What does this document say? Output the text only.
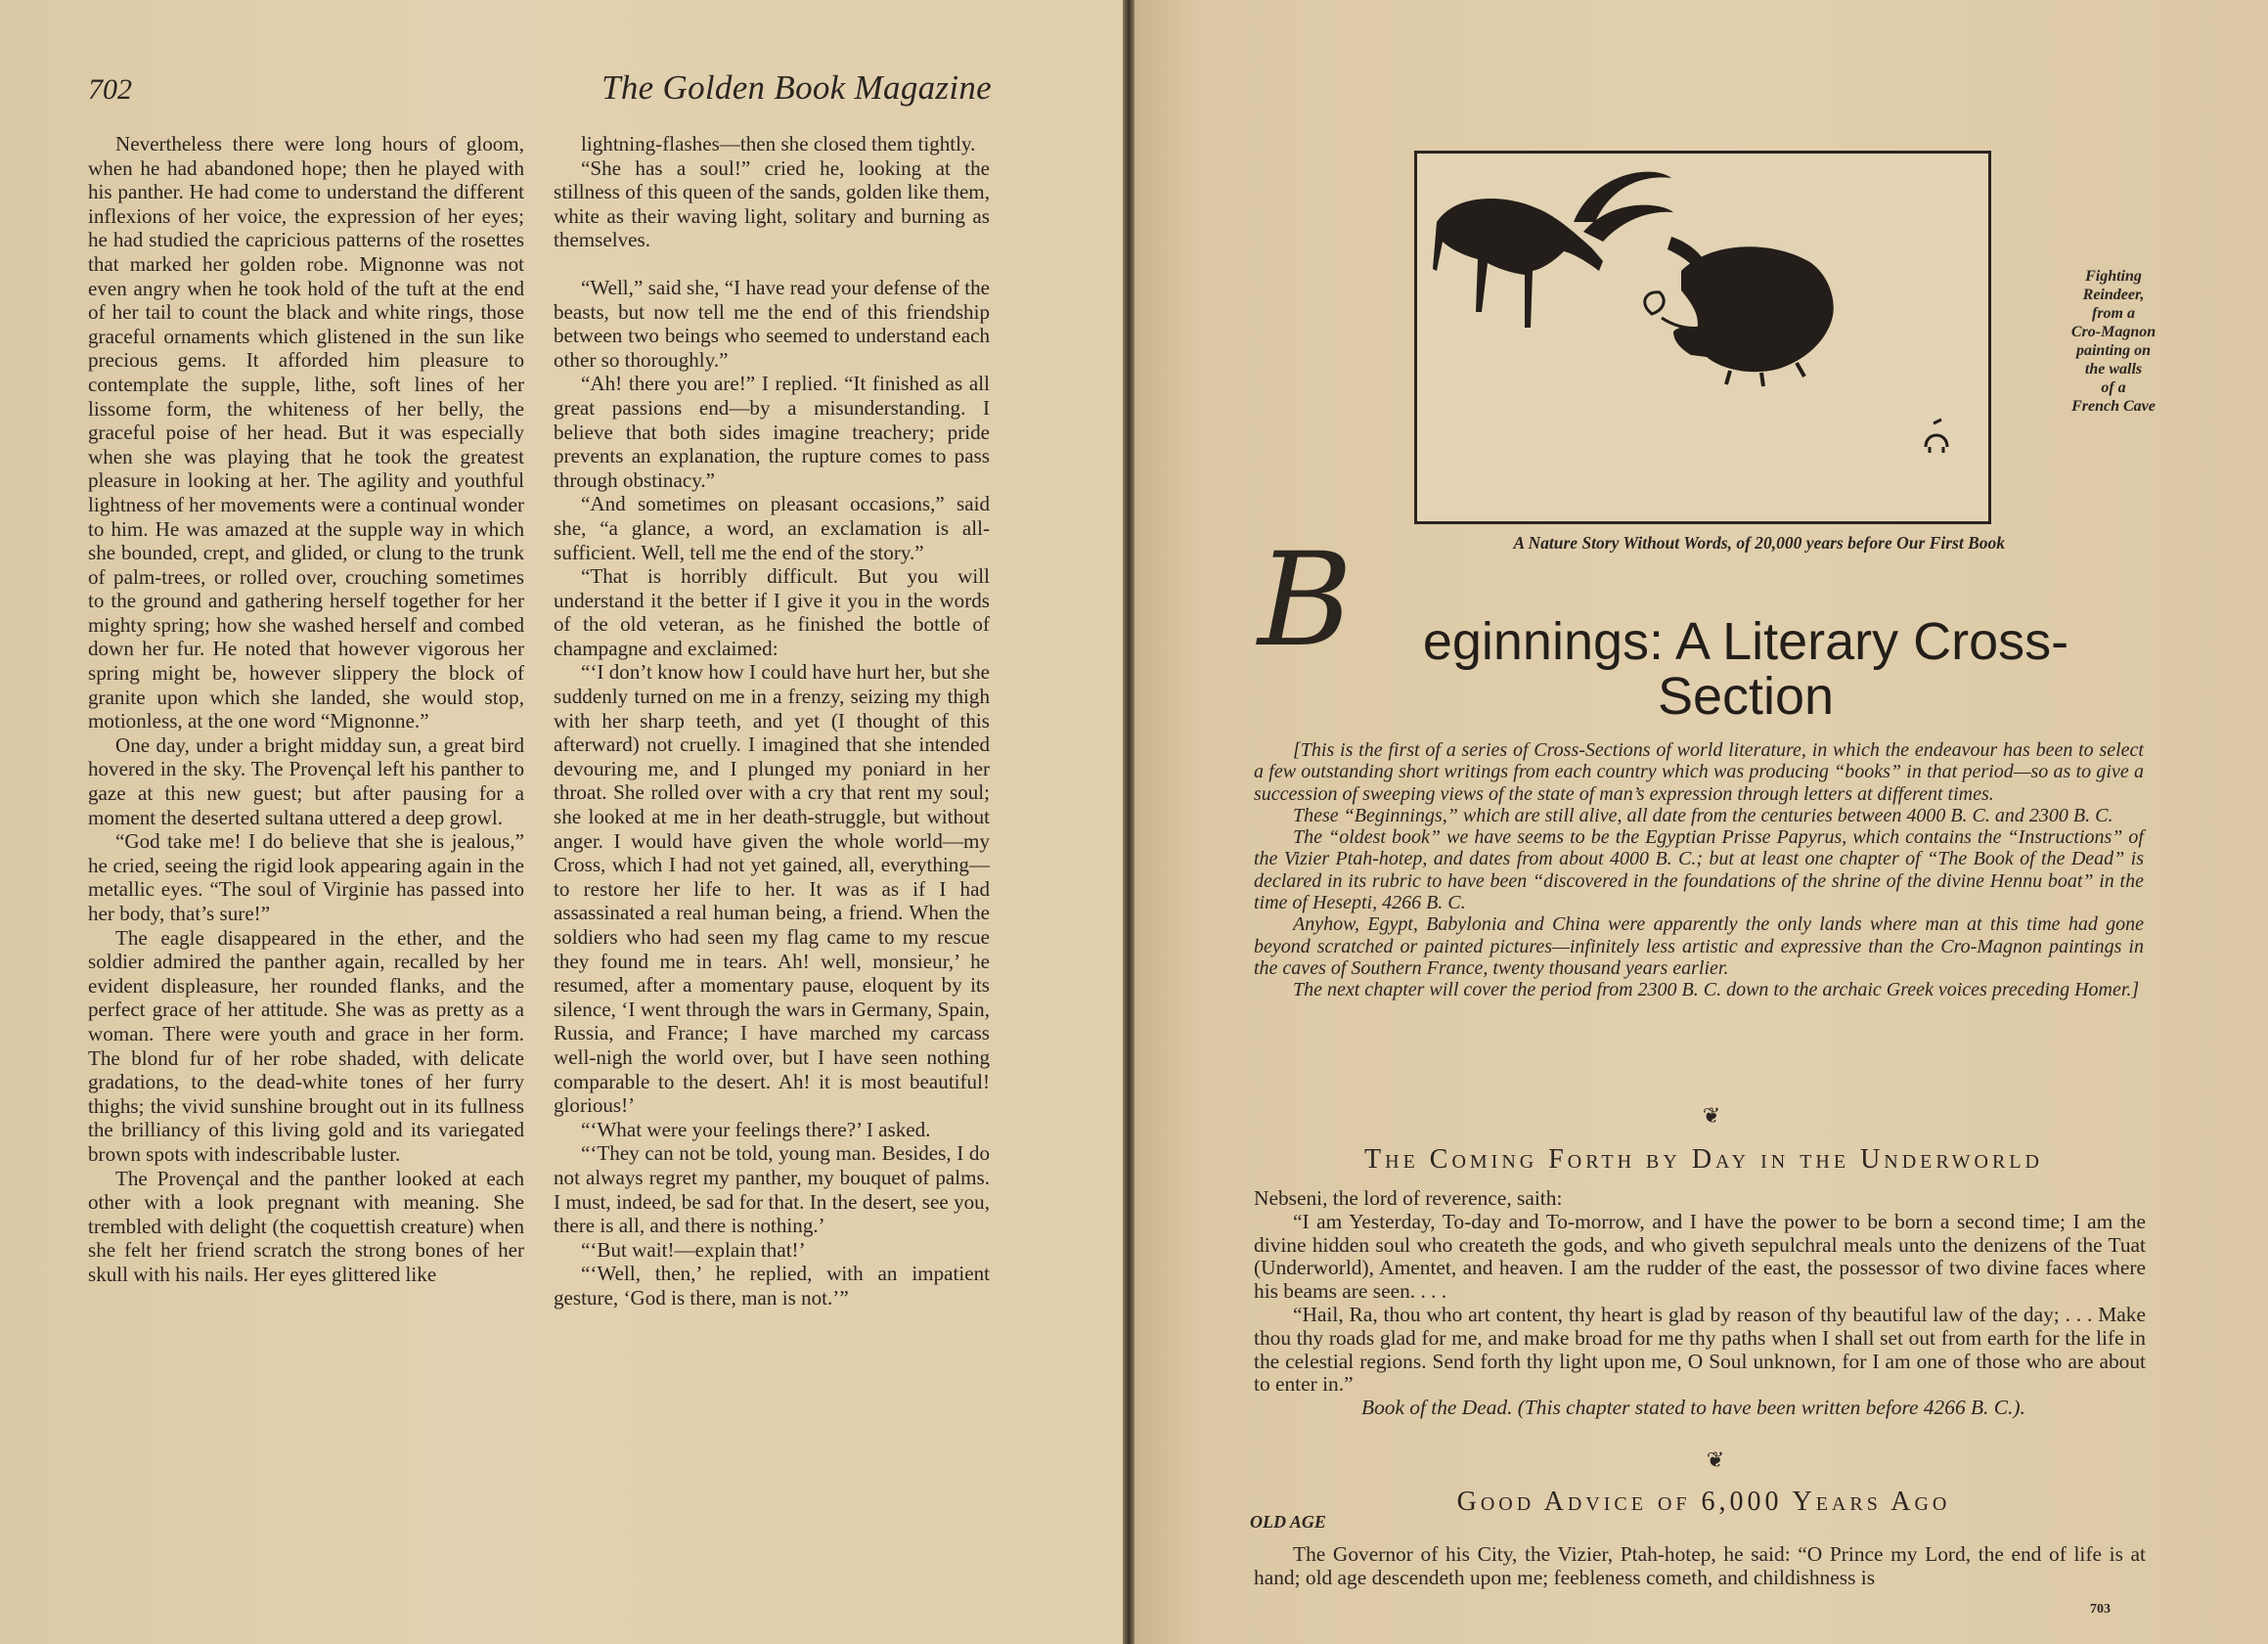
702	The Golden Book Magazine

Nevertheless there were long hours of gloom, when he had abandoned hope; then he played with his panther. He had come to understand the different inflexions of her voice, the expression of her eyes; he had studied the capricious patterns of the rosettes that marked her golden robe. Mignonne was not even angry when he took hold of the tuft at the end of her tail to count the black and white rings, those graceful ornaments which glistened in the sun like precious gems. It afforded him pleasure to contemplate the supple, lithe, soft lines of her lissome form, the whiteness of her belly, the graceful poise of her head. But it was especially when she was playing that he took the greatest pleasure in looking at her. The agility and youthful lightness of her movements were a continual wonder to him. He was amazed at the supple way in which she bounded, crept, and glided, or clung to the trunk of palm-trees, or rolled over, crouching sometimes to the ground and gathering herself together for her mighty spring; how she washed herself and combed down her fur. He noted that however vigorous her spring might be, however slippery the block of granite upon which she landed, she would stop, motionless, at the one word “Mignonne.”

One day, under a bright midday sun, a great bird hovered in the sky. The Provençal left his panther to gaze at this new guest; but after pausing for a moment the deserted sultana uttered a deep growl.

“God take me! I do believe that she is jealous,” he cried, seeing the rigid look appearing again in the metallic eyes. “The soul of Virginie has passed into her body, that’s sure!”

The eagle disappeared in the ether, and the soldier admired the panther again, recalled by her evident displeasure, her rounded flanks, and the perfect grace of her attitude. She was as pretty as a woman. There were youth and grace in her form. The blond fur of her robe shaded, with delicate gradations, to the dead-white tones of her furry thighs; the vivid sunshine brought out in its fullness the brilliancy of this living gold and its variegated brown spots with indescribable luster.

The Provençal and the panther looked at each other with a look pregnant with meaning. She trembled with delight (the coquettish creature) when she felt her friend scratch the strong bones of her skull with his nails. Her eyes glittered like

lightning-flashes—then she closed them tightly.

“She has a soul!” cried he, looking at the stillness of this queen of the sands, golden like them, white as their waving light, solitary and burning as themselves.

“Well,” said she, “I have read your defense of the beasts, but now tell me the end of this friendship between two beings who seemed to understand each other so thoroughly.”

“Ah! there you are!” I replied. “It finished as all great passions end—by a misunderstanding. I believe that both sides imagine treachery; pride prevents an explanation, the rupture comes to pass through obstinacy.”

“And sometimes on pleasant occasions,” said she, “a glance, a word, an exclamation is all-sufficient. Well, tell me the end of the story.”

“That is horribly difficult. But you will understand it the better if I give it you in the words of the old veteran, as he finished the bottle of champagne and exclaimed:

“‘I don’t know how I could have hurt her, but she suddenly turned on me in a frenzy, seizing my thigh with her sharp teeth, and yet (I thought of this afterward) not cruelly. I imagined that she intended devouring me, and I plunged my poniard in her throat. She rolled over with a cry that rent my soul; she looked at me in her death-struggle, but without anger. I would have given the whole world—my Cross, which I had not yet gained, all, everything—to restore her life to her. It was as if I had assassinated a real human being, a friend. When the soldiers who had seen my flag came to my rescue they found me in tears. Ah! well, monsieur,’ he resumed, after a momentary pause, eloquent by its silence, ‘I went through the wars in Germany, Spain, Russia, and France; I have marched my carcass well-nigh the world over, but I have seen nothing comparable to the desert. Ah! it is most beautiful! glorious!’

“‘What were your feelings there?’ I asked.

“‘They can not be told, young man. Besides, I do not always regret my panther, my bouquet of palms. I must, indeed, be sad for that. In the desert, see you, there is all, and there is nothing.’

“‘But wait!—explain that!’

“‘Well, then,’ he replied, with an impatient gesture, ‘God is there, man is not.’”

Fighting
Reindeer,
from a
Cro-Magnon
painting on
the walls
of a
French Cave
A Nature Story Without Words, of 20,000 years before Our First Book
B	eginnings: A Literary Cross-
Section

[This is the first of a series of Cross-Sections of world literature, in which the endeavour has been to select a few outstanding short writings from each country which was producing “books” in that period—so as to give a succession of sweeping views of the state of man’s expression through letters at different times.

These “Beginnings,” which are still alive, all date from the centuries between 4000 B. C. and 2300 B. C.

The “oldest book” we have seems to be the Egyptian Prisse Papyrus, which contains the “Instructions” of the Vizier Ptah-hotep, and dates from about 4000 B. C.; but at least one chapter of “The Book of the Dead” is declared in its rubric to have been “discovered in the foundations of the shrine of the divine Hennu boat” in the time of Hesepti, 4266 B. C.

Anyhow, Egypt, Babylonia and China were apparently the only lands where man at this time had gone beyond scratched or painted pictures—infinitely less artistic and expressive than the Cro-Magnon paintings in the caves of Southern France, twenty thousand years earlier.

The next chapter will cover the period from 2300 B. C. down to the archaic Greek voices preceding Homer.]

❦
The Coming Forth by Day in the Underworld

Nebseni, the lord of reverence, saith:

“I am Yesterday, To-day and To-morrow, and I have the power to be born a second time; I am the divine hidden soul who createth the gods, and who giveth sepulchral meals unto the denizens of the Tuat (Underworld), Amentet, and heaven. I am the rudder of the east, the possessor of two divine faces where his beams are seen. . . .

“Hail, Ra, thou who art content, thy heart is glad by reason of thy beautiful law of the day; . . . Make thou thy roads glad for me, and make broad for me thy paths when I shall set out from earth for the life in the celestial regions. Send forth thy light upon me, O Soul unknown, for I am one of those who are about to enter in.”

Book of the Dead. (This chapter stated to have been written before 4266 B. C.).

❦
Good Advice of 6,000 Years Ago
OLD AGE

The Governor of his City, the Vizier, Ptah-hotep, he said: “O Prince my Lord, the end of life is at hand; old age descendeth upon me; feebleness cometh, and childishness is

703
